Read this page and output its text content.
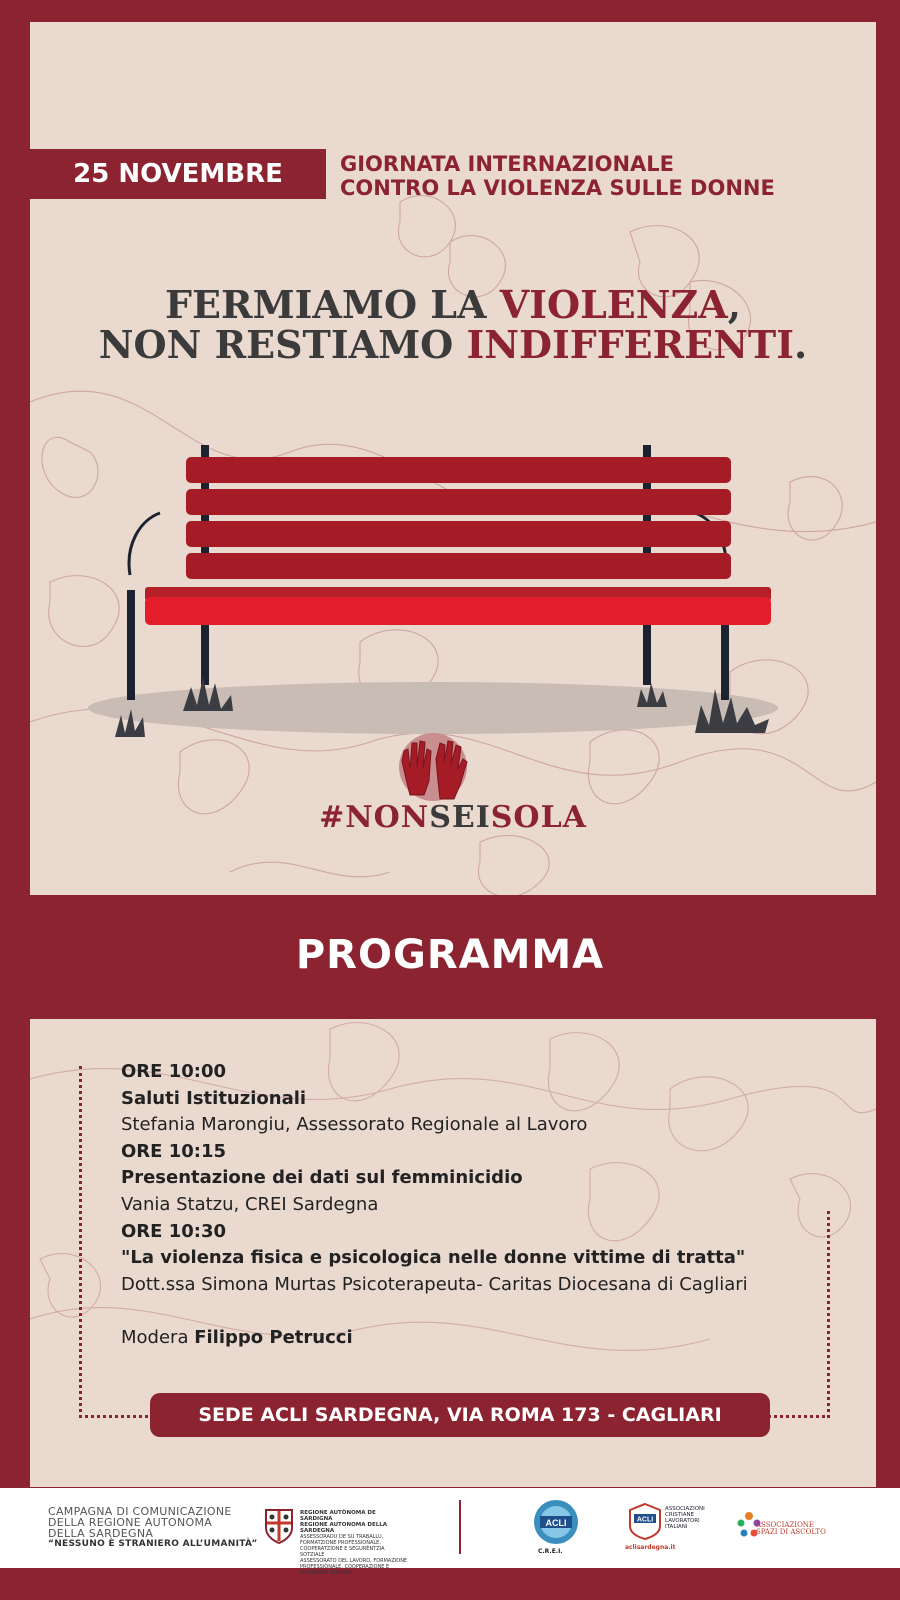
25 NOVEMBRE	GIORNATA INTERNAZIONALE
CONTRO LA VIOLENZA SULLE DONNE
FERMIAMO LA VIOLENZA,
NON RESTIAMO INDIFFERENTI.
#NONSEISOLA
PROGRAMMA
ORE 10:00
Saluti Istituzionali
Stefania Marongiu, Assessorato Regionale al Lavoro
ORE 10:15
Presentazione dei dati sul femminicidio
Vania Statzu, CREI Sardegna
ORE 10:30
"La violenza fisica e psicologica nelle donne vittime di tratta"
Dott.ssa Simona Murtas Psicoterapeuta- Caritas Diocesana di Cagliari
Modera Filippo Petrucci
SEDE ACLI SARDEGNA, VIA ROMA 173 - CAGLIARI
CAMPAGNA DI COMUNICAZIONE
DELLA REGIONE AUTONOMA
DELLA SARDEGNA
“NESSUNO È STRANIERO ALL’UMANITÀ”
REGIONE AUTÒNOMA DE SARDIGNA
REGIONE AUTONOMA DELLA SARDEGNA
ASSESSORADU DE SU TRABALLU, FORMATZIONE PROFESSIONALE, COOPERATZIONE E SEGURÈNTZIA SOTZIALE
ASSESSORATO DEL LAVORO, FORMAZIONE PROFESSIONALE, COOPERAZIONE E SICUREZZA SOCIALE
ACLI
C.R.E.I.
ACLI
ASSOCIAZIONI CRISTIANE LAVORATORI ITALIANI
aclisardegna.it
ASSOCIAZIONE
SPAZI DI ASCOLTO
